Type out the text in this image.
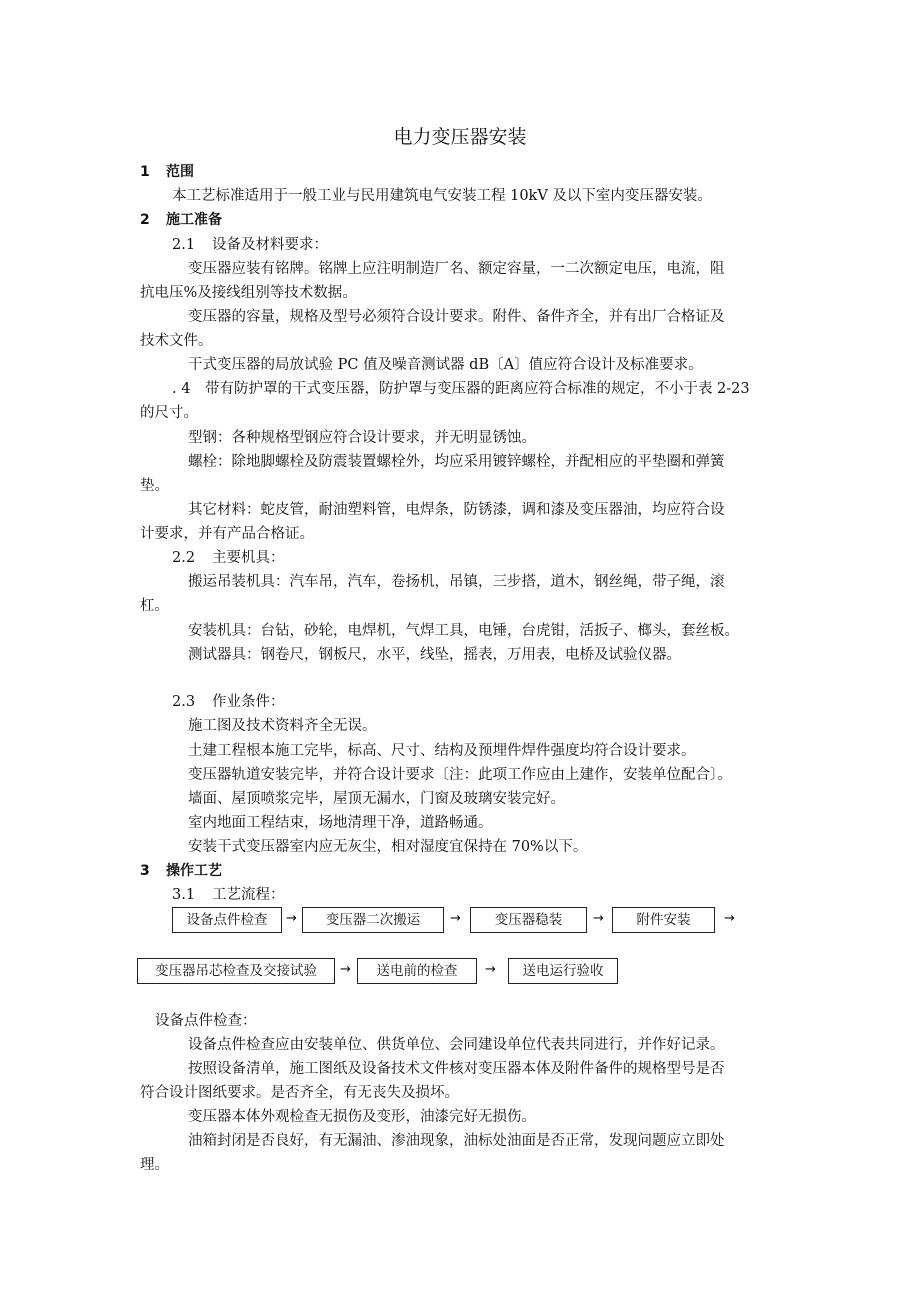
电力变压器安装
1 范围
本工艺标准适用于一般工业与民用建筑电气安装工程 10kV 及以下室内变压器安装。
2 施工准备
2.1 设备及材料要求：
变压器应装有铭牌。铭牌上应注明制造厂名、额定容量，一二次额定电压，电流，阻
抗电压%及接线组别等技术数据。
变压器的容量，规格及型号必须符合设计要求。附件、备件齐全，并有出厂合格证及
技术文件。
干式变压器的局放试验 PC 值及噪音测试器 dB〔A〕值应符合设计及标准要求。
. 4　带有防护罩的干式变压器，防护罩与变压器的距离应符合标准的规定，不小于表 2-23
的尺寸。
型钢：各种规格型钢应符合设计要求，并无明显锈蚀。
螺栓：除地脚螺栓及防震装置螺栓外，均应采用镀锌螺栓，并配相应的平垫圈和弹簧
垫。
其它材料：蛇皮管，耐油塑料管，电焊条，防锈漆，调和漆及变压器油，均应符合设
计要求，并有产品合格证。
2.2 主要机具：
搬运吊装机具：汽车吊，汽车，卷扬机，吊镇，三步搭，道木，钢丝绳，带子绳，滚
杠。
安装机具：台钻，砂轮，电焊机，气焊工具，电锤，台虎钳，活扳子、榔头，套丝板。
测试器具：钢卷尺，钢板尺，水平，线坠，摇表，万用表，电桥及试验仪器。
2.3 作业条件：
施工图及技术资料齐全无误。
土建工程根本施工完毕，标高、尺寸、结构及预埋件焊件强度均符合设计要求。
变压器轨道安装完毕，并符合设计要求〔注：此项工作应由上建作，安装单位配合〕。
墙面、屋顶喷浆完毕，屋顶无漏水，门窗及玻璃安装完好。
室内地面工程结束，场地清理干净，道路畅通。
安装干式变压器室内应无灰尘，相对湿度宜保持在 70%以下。
3 操作工艺
3.1 工艺流程：
设备点件检查	→	变压器二次搬运	→	变压器稳装	→	附件安装	→
变压器吊芯检查及交接试验	→	送电前的检查	→	送电运行验收
设备点件检查：
设备点件检查应由安装单位、供货单位、会同建设单位代表共同进行，并作好记录。
按照设备清单，施工图纸及设备技术文件核对变压器本体及附件备件的规格型号是否
符合设计图纸要求。是否齐全，有无丧失及损坏。
变压器本体外观检查无损伤及变形，油漆完好无损伤。
油箱封闭是否良好，有无漏油、渗油现象，油标处油面是否正常，发现问题应立即处
理。
